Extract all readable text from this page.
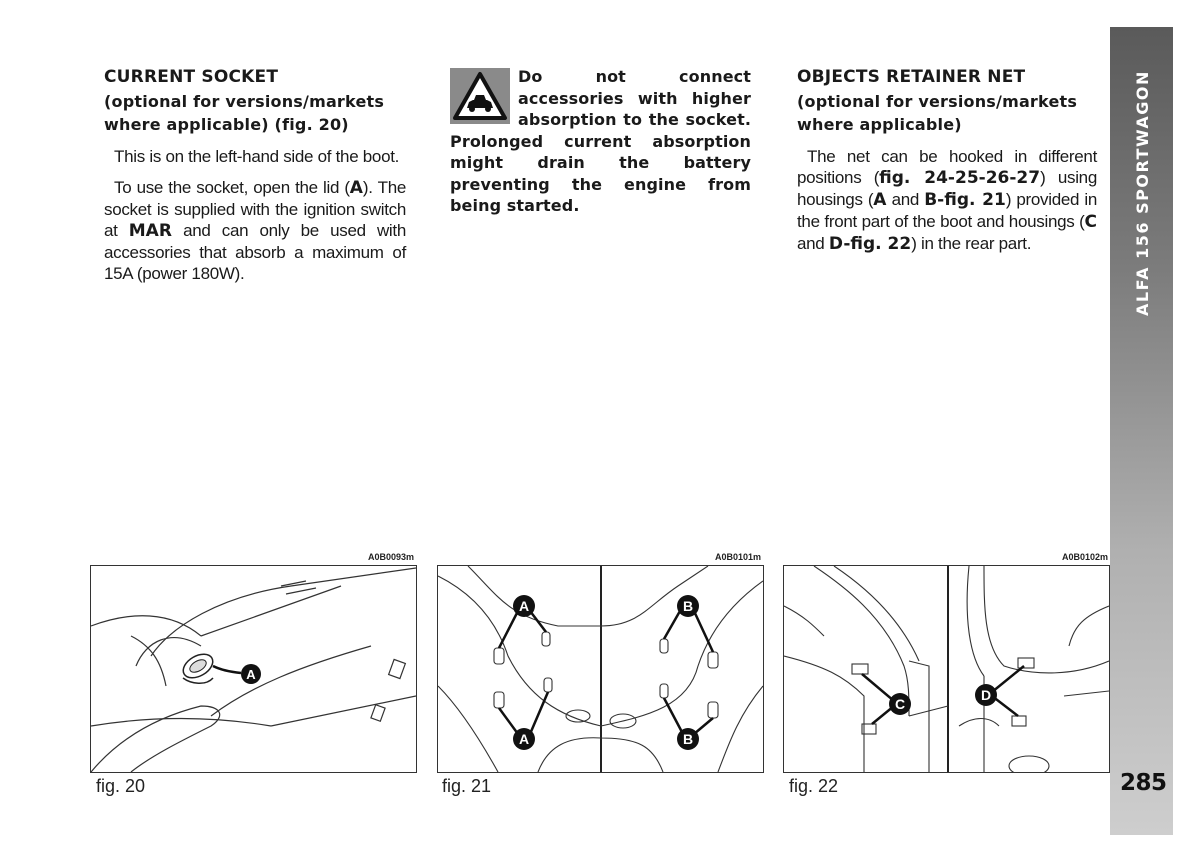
CURRENT SOCKET

(optional for versions/markets
where applicable) (fig. 20)

This is on the left-hand side of the boot.

To use the socket, open the lid (A). The socket is supplied with the ignition switch at MAR and can only be used with accessories that absorb a maximum of 15A (power 180W).

Do not connect accessories with higher absorption to the socket. Prolonged current absorption might drain the battery preventing the engine from being started.

OBJECTS RETAINER NET

(optional for versions/markets
where applicable)

The net can be hooked in different positions (fig. 24-25-26-27) using housings (A and B-fig. 21) provided in the front part of the boot and housings (C and D-fig. 22) in the rear part.	ALFA 156 SPORTWAGON
285
A0B0093m
A
fig. 20
A0B0101m
A
A
B
B
fig. 21
A0B0102m
C
D
fig. 22
